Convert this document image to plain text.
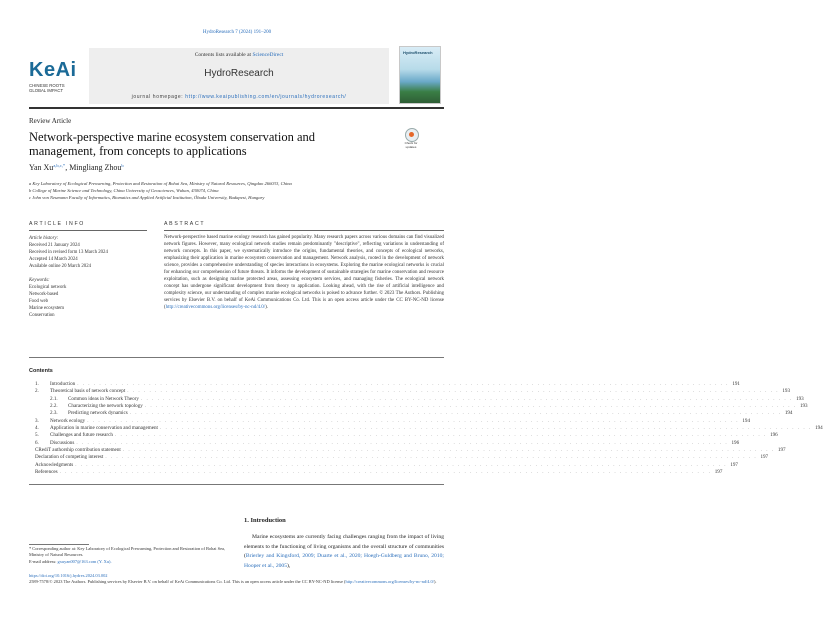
HydroResearch 7 (2024) 191–200
KeAi
CHINESE ROOTS
GLOBAL IMPACT
Contents lists available at ScienceDirect
HydroResearch
journal homepage: http://www.keaipublishing.com/en/journals/hydroresearch/
HydroResearch
Review Article
Network-perspective marine ecosystem conservation and management, from concepts to applications
Check for updates
Yan $Xu^{a,b,c,*}$, Mingliang Zhou$^b$
a Key Laboratory of Ecological Prewarning, Protection and Restoration of Bohai Sea, Ministry of Natural Resources, Qingdao 266033, China
b College of Marine Science and Technology, China University of Geosciences, Wuhan, 430074, China
c John von Neumann Faculty of Informatics, Biomatics and Applied Artificial Institution, Óbuda University, Budapest, Hungary
ARTICLE INFO	ABSTRACT
Article history:
Received 21 January 2024
Received in revised form 13 March 2024
Accepted 14 March 2024
Available online 20 March 2024
Keywords:
Ecological network
Network-based
Food web
Marine ecosystem
Conservation
Network-perspective based marine ecology research has gained popularity. Many research papers across various domains can find visualized network figures. However, many ecological network studies remain predominantly "descriptive", reflecting variations in understanding of network concepts. In this paper, we systematically introduce the origins, fundamental theories, and concepts of ecological networks, emphasizing their application in marine ecosystem conservation and management. Network analysis, rooted in the development of network science, provides a comprehensive understanding of species interactions in ecosystems. Exploring the marine ecological networks is crucial for enhancing our comprehension of future threats. It informs the development of sustainable strategies for marine conservation and resource exploitation, such as designing marine protected areas, assessing ecosystem services, and managing fisheries. The ecological network concept has undergone significant development from theory to application. Looking ahead, with the rise of artificial intelligence and complexity science, our understanding of complex marine ecological networks is poised to advance further. © 2023 The Authors. Publishing services by Elsevier B.V. on behalf of KeAi Communications Co. Ltd. This is an open access article under the CC BY-NC-ND license (http://creativecommons.org/licenses/by-nc-nd/4.0/).
Contents
1.	Introduction . . . . . . . . . . . . . . . . . . . . . . . . . . . . . . . . . . . . . . . . . . . . . . . . . . . . . . . . . . . . . . . . . . . . . . . . . . . . . . . . . . . . . . . . . . . . . . . . . . . . . . . . . . . . . . . . . . . . . . 191
2.	Theoretical basis of network concept . . . . . . . . . . . . . . . . . . . . . . . . . . . . . . . . . . . . . . . . . . . . . . . . . . . . . . . . . . . . . . . . . . . . . . . . . . . . . . . . . . . . . . . . . . . . . . . . . . . . . . . . . . . . . . . . . . . . . . 193
2.1.	Common ideas in Network Theory . . . . . . . . . . . . . . . . . . . . . . . . . . . . . . . . . . . . . . . . . . . . . . . . . . . . . . . . . . . . . . . . . . . . . . . . . . . . . . . . . . . . . . . . . . . . . . . . . . . . . . . . . . . . . . . . . . . . . . 193
2.2.	Characterizing the network topology . . . . . . . . . . . . . . . . . . . . . . . . . . . . . . . . . . . . . . . . . . . . . . . . . . . . . . . . . . . . . . . . . . . . . . . . . . . . . . . . . . . . . . . . . . . . . . . . . . . . . . . . . . . . . . . . . . . . . . 193
2.3.	Predicting network dynamics . . . . . . . . . . . . . . . . . . . . . . . . . . . . . . . . . . . . . . . . . . . . . . . . . . . . . . . . . . . . . . . . . . . . . . . . . . . . . . . . . . . . . . . . . . . . . . . . . . . . . . . . . . . . . . . . . . . . . . 194
3.	Network ecology . . . . . . . . . . . . . . . . . . . . . . . . . . . . . . . . . . . . . . . . . . . . . . . . . . . . . . . . . . . . . . . . . . . . . . . . . . . . . . . . . . . . . . . . . . . . . . . . . . . . . . . . . . . . . . . . . . . . . . 194
4.	Application in marine conservation and management . . . . . . . . . . . . . . . . . . . . . . . . . . . . . . . . . . . . . . . . . . . . . . . . . . . . . . . . . . . . . . . . . . . . . . . . . . . . . . . . . . . . . . . . . . . . . . . . . . . . . . . . . . . . . . . . . . . . . . 194
5.	Challenges and future research . . . . . . . . . . . . . . . . . . . . . . . . . . . . . . . . . . . . . . . . . . . . . . . . . . . . . . . . . . . . . . . . . . . . . . . . . . . . . . . . . . . . . . . . . . . . . . . . . . . . . . . . . . . . . . . . . . . . . . 196
6.	Discussions . . . . . . . . . . . . . . . . . . . . . . . . . . . . . . . . . . . . . . . . . . . . . . . . . . . . . . . . . . . . . . . . . . . . . . . . . . . . . . . . . . . . . . . . . . . . . . . . . . . . . . . . . . . . . . . . . . . . . . 196
CRediT authorship contribution statement . . . . . . . . . . . . . . . . . . . . . . . . . . . . . . . . . . . . . . . . . . . . . . . . . . . . . . . . . . . . . . . . . . . . . . . . . . . . . . . . . . . . . . . . . . . . . . . . . . . . . . . . . . . . . . . . . . . . . . 197
Declaration of competing interest . . . . . . . . . . . . . . . . . . . . . . . . . . . . . . . . . . . . . . . . . . . . . . . . . . . . . . . . . . . . . . . . . . . . . . . . . . . . . . . . . . . . . . . . . . . . . . . . . . . . . . . . . . . . . . . . . . . . . . 197
Acknowledgments . . . . . . . . . . . . . . . . . . . . . . . . . . . . . . . . . . . . . . . . . . . . . . . . . . . . . . . . . . . . . . . . . . . . . . . . . . . . . . . . . . . . . . . . . . . . . . . . . . . . . . . . . . . . . . . . . . . . . . 197
References . . . . . . . . . . . . . . . . . . . . . . . . . . . . . . . . . . . . . . . . . . . . . . . . . . . . . . . . . . . . . . . . . . . . . . . . . . . . . . . . . . . . . . . . . . . . . . . . . . . . . . . . . . . . . . . . . . . . . . 197
1. Introduction
Marine ecosystems are currently facing challenges ranging from the impact of living elements to the functioning of living organisms and the overall structure of communities (Brierley and Kingsford, 2009; Duarte et al., 2020; Hoegh-Guldberg and Bruno, 2010; Hooper et al., 2005),
* Corresponding author at: Key Laboratory of Ecological Prewarning, Protection and Restoration of Bohai Sea, Ministry of Natural Resources.
E-mail address: gxuyan007@163.com (Y. Xu).
https://doi.org/10.1016/j.hydres.2024.03.002
2589-7578/© 2023 The Authors. Publishing services by Elsevier B.V. on behalf of KeAi Communications Co. Ltd. This is an open access article under the CC BY-NC-ND license (http://creativecommons.org/licenses/by-nc-nd/4.0/).
